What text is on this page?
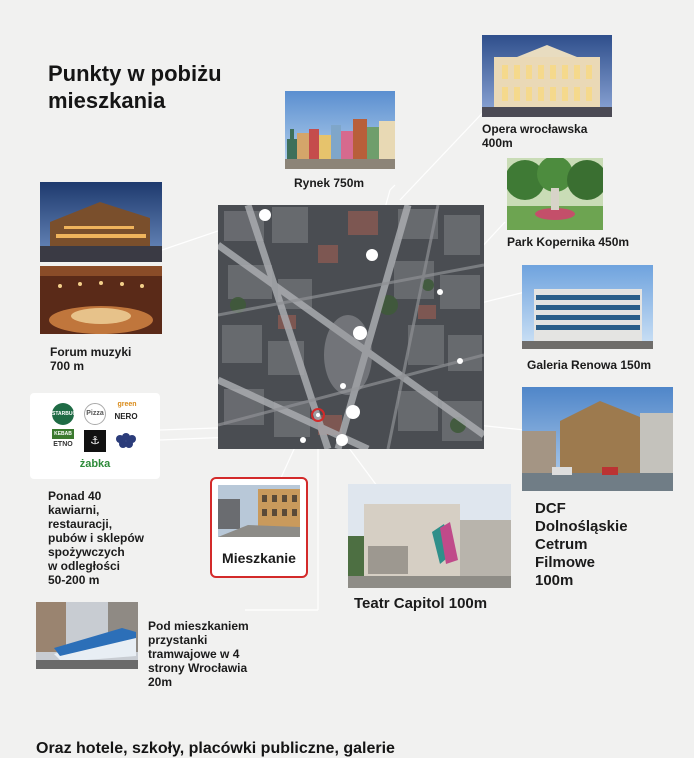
Punkty w pobiżu mieszkania
Rynek 750m
Opera wrocławska
400m
Park Kopernika 450m
Galeria Renowa 150m
DCF
Dolnośląskie
Cetrum
Filmowe
100m
Teatr Capitol 100m
Forum muzyki
700 m
STARBUCKS Pizza
green
NERO
KEBAB
ETNO	⚓
żabka
Ponad 40
kawiarni,
restauracji,
pubów i sklepów
spożywczych
w odległości
50-200 m
Pod mieszkaniem
przystanki
tramwajowe w 4
strony Wrocławia
20m
Mieszkanie
Oraz hotele, szkoły, placówki publiczne, galerie
